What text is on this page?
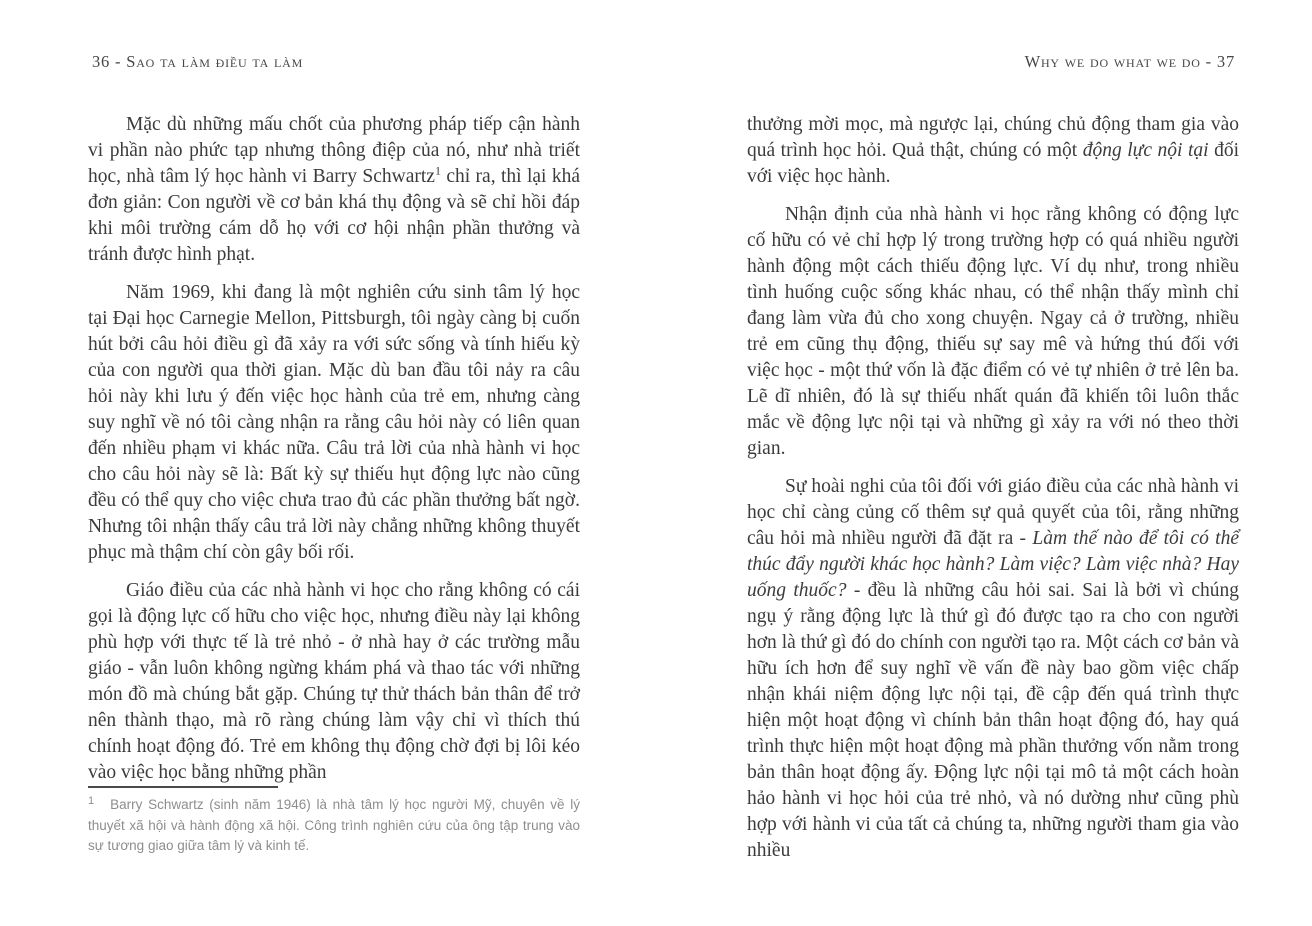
36 - Sao ta làm điều ta làm	Why we do what we do - 37

Mặc dù những mấu chốt của phương pháp tiếp cận hành vi phần nào phức tạp nhưng thông điệp của nó, như nhà triết học, nhà tâm lý học hành vi Barry Schwartz$^1$ chỉ ra, thì lại khá đơn giản: Con người về cơ bản khá thụ động và sẽ chỉ hồi đáp khi môi trường cám dỗ họ với cơ hội nhận phần thưởng và tránh được hình phạt.

Năm 1969, khi đang là một nghiên cứu sinh tâm lý học tại Đại học Carnegie Mellon, Pittsburgh, tôi ngày càng bị cuốn hút bởi câu hỏi điều gì đã xảy ra với sức sống và tính hiếu kỳ của con người qua thời gian. Mặc dù ban đầu tôi nảy ra câu hỏi này khi lưu ý đến việc học hành của trẻ em, nhưng càng suy nghĩ về nó tôi càng nhận ra rằng câu hỏi này có liên quan đến nhiều phạm vi khác nữa. Câu trả lời của nhà hành vi học cho câu hỏi này sẽ là: Bất kỳ sự thiếu hụt động lực nào cũng đều có thể quy cho việc chưa trao đủ các phần thưởng bất ngờ. Nhưng tôi nhận thấy câu trả lời này chẳng những không thuyết phục mà thậm chí còn gây bối rối.

Giáo điều của các nhà hành vi học cho rằng không có cái gọi là động lực cố hữu cho việc học, nhưng điều này lại không phù hợp với thực tế là trẻ nhỏ - ở nhà hay ở các trường mẫu giáo - vẫn luôn không ngừng khám phá và thao tác với những món đồ mà chúng bắt gặp. Chúng tự thử thách bản thân để trở nên thành thạo, mà rõ ràng chúng làm vậy chỉ vì thích thú chính hoạt động đó. Trẻ em không thụ động chờ đợi bị lôi kéo vào việc học bằng những phần

$^1$ Barry Schwartz (sinh năm 1946) là nhà tâm lý học người Mỹ, chuyên về lý thuyết xã hội và hành động xã hội. Công trình nghiên cứu của ông tập trung vào sự tương giao giữa tâm lý và kinh tế.

thưởng mời mọc, mà ngược lại, chúng chủ động tham gia vào quá trình học hỏi. Quả thật, chúng có một động lực nội tại đối với việc học hành.

Nhận định của nhà hành vi học rằng không có động lực cố hữu có vẻ chỉ hợp lý trong trường hợp có quá nhiều người hành động một cách thiếu động lực. Ví dụ như, trong nhiều tình huống cuộc sống khác nhau, có thể nhận thấy mình chỉ đang làm vừa đủ cho xong chuyện. Ngay cả ở trường, nhiều trẻ em cũng thụ động, thiếu sự say mê và hứng thú đối với việc học - một thứ vốn là đặc điểm có vẻ tự nhiên ở trẻ lên ba. Lẽ dĩ nhiên, đó là sự thiếu nhất quán đã khiến tôi luôn thắc mắc về động lực nội tại và những gì xảy ra với nó theo thời gian.

Sự hoài nghi của tôi đối với giáo điều của các nhà hành vi học chỉ càng củng cố thêm sự quả quyết của tôi, rằng những câu hỏi mà nhiều người đã đặt ra - Làm thế nào để tôi có thể thúc đẩy người khác học hành? Làm việc? Làm việc nhà? Hay uống thuốc? - đều là những câu hỏi sai. Sai là bởi vì chúng ngụ ý rằng động lực là thứ gì đó được tạo ra cho con người hơn là thứ gì đó do chính con người tạo ra. Một cách cơ bản và hữu ích hơn để suy nghĩ về vấn đề này bao gồm việc chấp nhận khái niệm động lực nội tại, đề cập đến quá trình thực hiện một hoạt động vì chính bản thân hoạt động đó, hay quá trình thực hiện một hoạt động mà phần thưởng vốn nằm trong bản thân hoạt động ấy. Động lực nội tại mô tả một cách hoàn hảo hành vi học hỏi của trẻ nhỏ, và nó dường như cũng phù hợp với hành vi của tất cả chúng ta, những người tham gia vào nhiều
